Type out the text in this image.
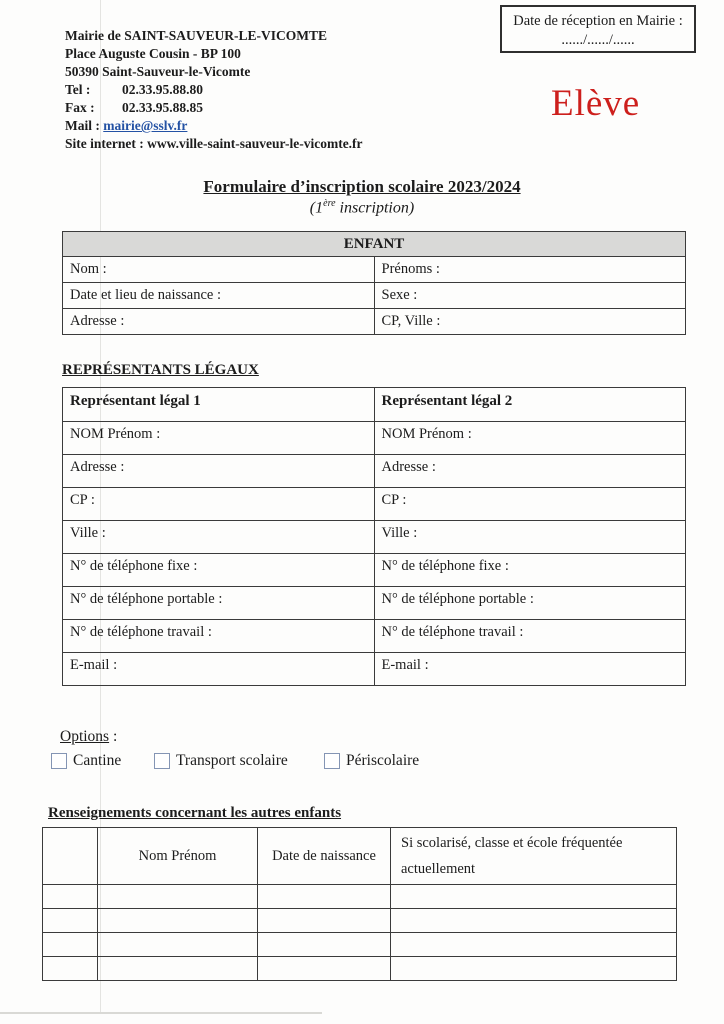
Mairie de SAINT-SAUVEUR-LE-VICOMTE
Place Auguste Cousin - BP 100
50390 Saint-Sauveur-le-Vicomte
Tel : 02.33.95.88.80
Fax : 02.33.95.88.85
Mail : mairie@sslv.fr
Site internet : www.ville-saint-sauveur-le-vicomte.fr
Date de réception en Mairie :
....../....../......
Elève
Formulaire d’inscription scolaire 2023/2024
(1ère inscription)
ENFANT	
Nom :	Prénoms :
Date et lieu de naissance :	Sexe :
Adresse :	CP, Ville :
REPRÉSENTANTS LÉGAUX
Représentant légal 1	Représentant légal 2
NOM Prénom :	NOM Prénom :
Adresse :	Adresse :
CP :	CP :
Ville :	Ville :
N° de téléphone fixe :	N° de téléphone fixe :
N° de téléphone portable :	N° de téléphone portable :
N° de téléphone travail :	N° de téléphone travail :
E-mail :	E-mail :
Options :
Cantine	Transport scolaire	Périscolaire
Renseignements concernant les autres enfants
	Nom Prénom	Date de naissance	Si scolarisé, classe et école fréquentée actuellement
